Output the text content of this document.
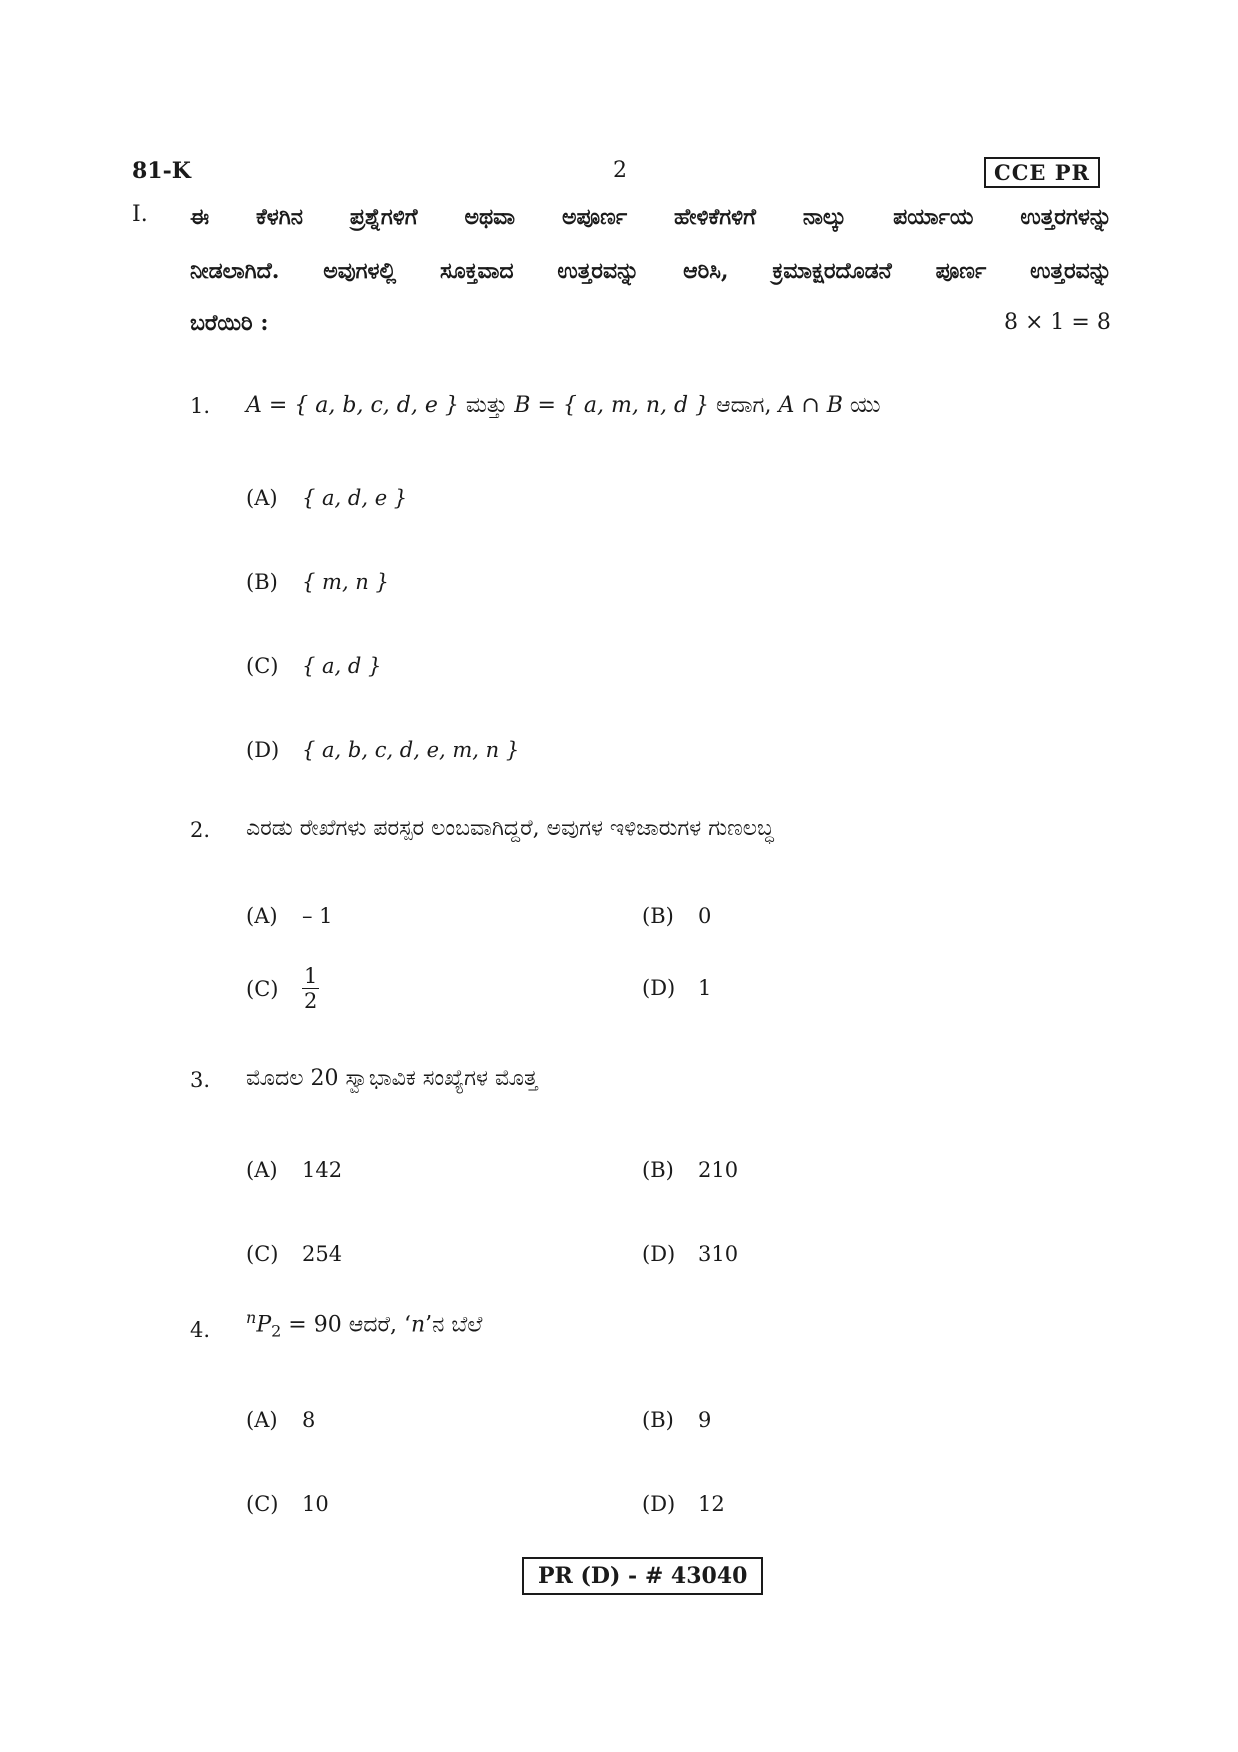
81-K	2	CCE PR
I. ಈ ಕೆಳಗಿನ ಪ್ರಶ್ನೆಗಳಿಗೆ ಅಥವಾ ಅಪೂರ್ಣ ಹೇಳಿಕೆಗಳಿಗೆ ನಾಲ್ಕು ಪರ್ಯಾಯ ಉತ್ತರಗಳನ್ನು
ನೀಡಲಾಗಿದೆ. ಅವುಗಳಲ್ಲಿ ಸೂಕ್ತವಾದ ಉತ್ತರವನ್ನು ಆರಿಸಿ, ಕ್ರಮಾಕ್ಷರದೊಡನೆ ಪೂರ್ಣ ಉತ್ತರವನ್ನು
ಬರೆಯಿರಿ :	8 × 1 = 8
1. A = { a, b, c, d, e } ಮತ್ತು B = { a, m, n, d } ಆದಾಗ, A ∩ B ಯು
(A) { a, d, e }
(B) { m, n }
(C) { a, d }
(D) { a, b, c, d, e, m, n }
2. ಎರಡು ರೇಖೆಗಳು ಪರಸ್ಪರ ಲಂಬವಾಗಿದ್ದರೆ, ಅವುಗಳ ಇಳಿಜಾರುಗಳ ಗುಣಲಬ್ಧ
(A) – 1	(B) 0
$(C) \frac{1}{2}$	(D) 1
3. ಮೊದಲ 20 ಸ್ವಾಭಾವಿಕ ಸಂಖ್ಯೆಗಳ ಮೊತ್ತ
(A) 142	(B) 210
(C) 254	(D) 310
4.
$^nP_2 = 90$ ಆದರೆ, ‘n’ನ ಬೆಲೆ
(A) 8	(B) 9
(C) 10	(D) 12
PR (D) - # 43040
